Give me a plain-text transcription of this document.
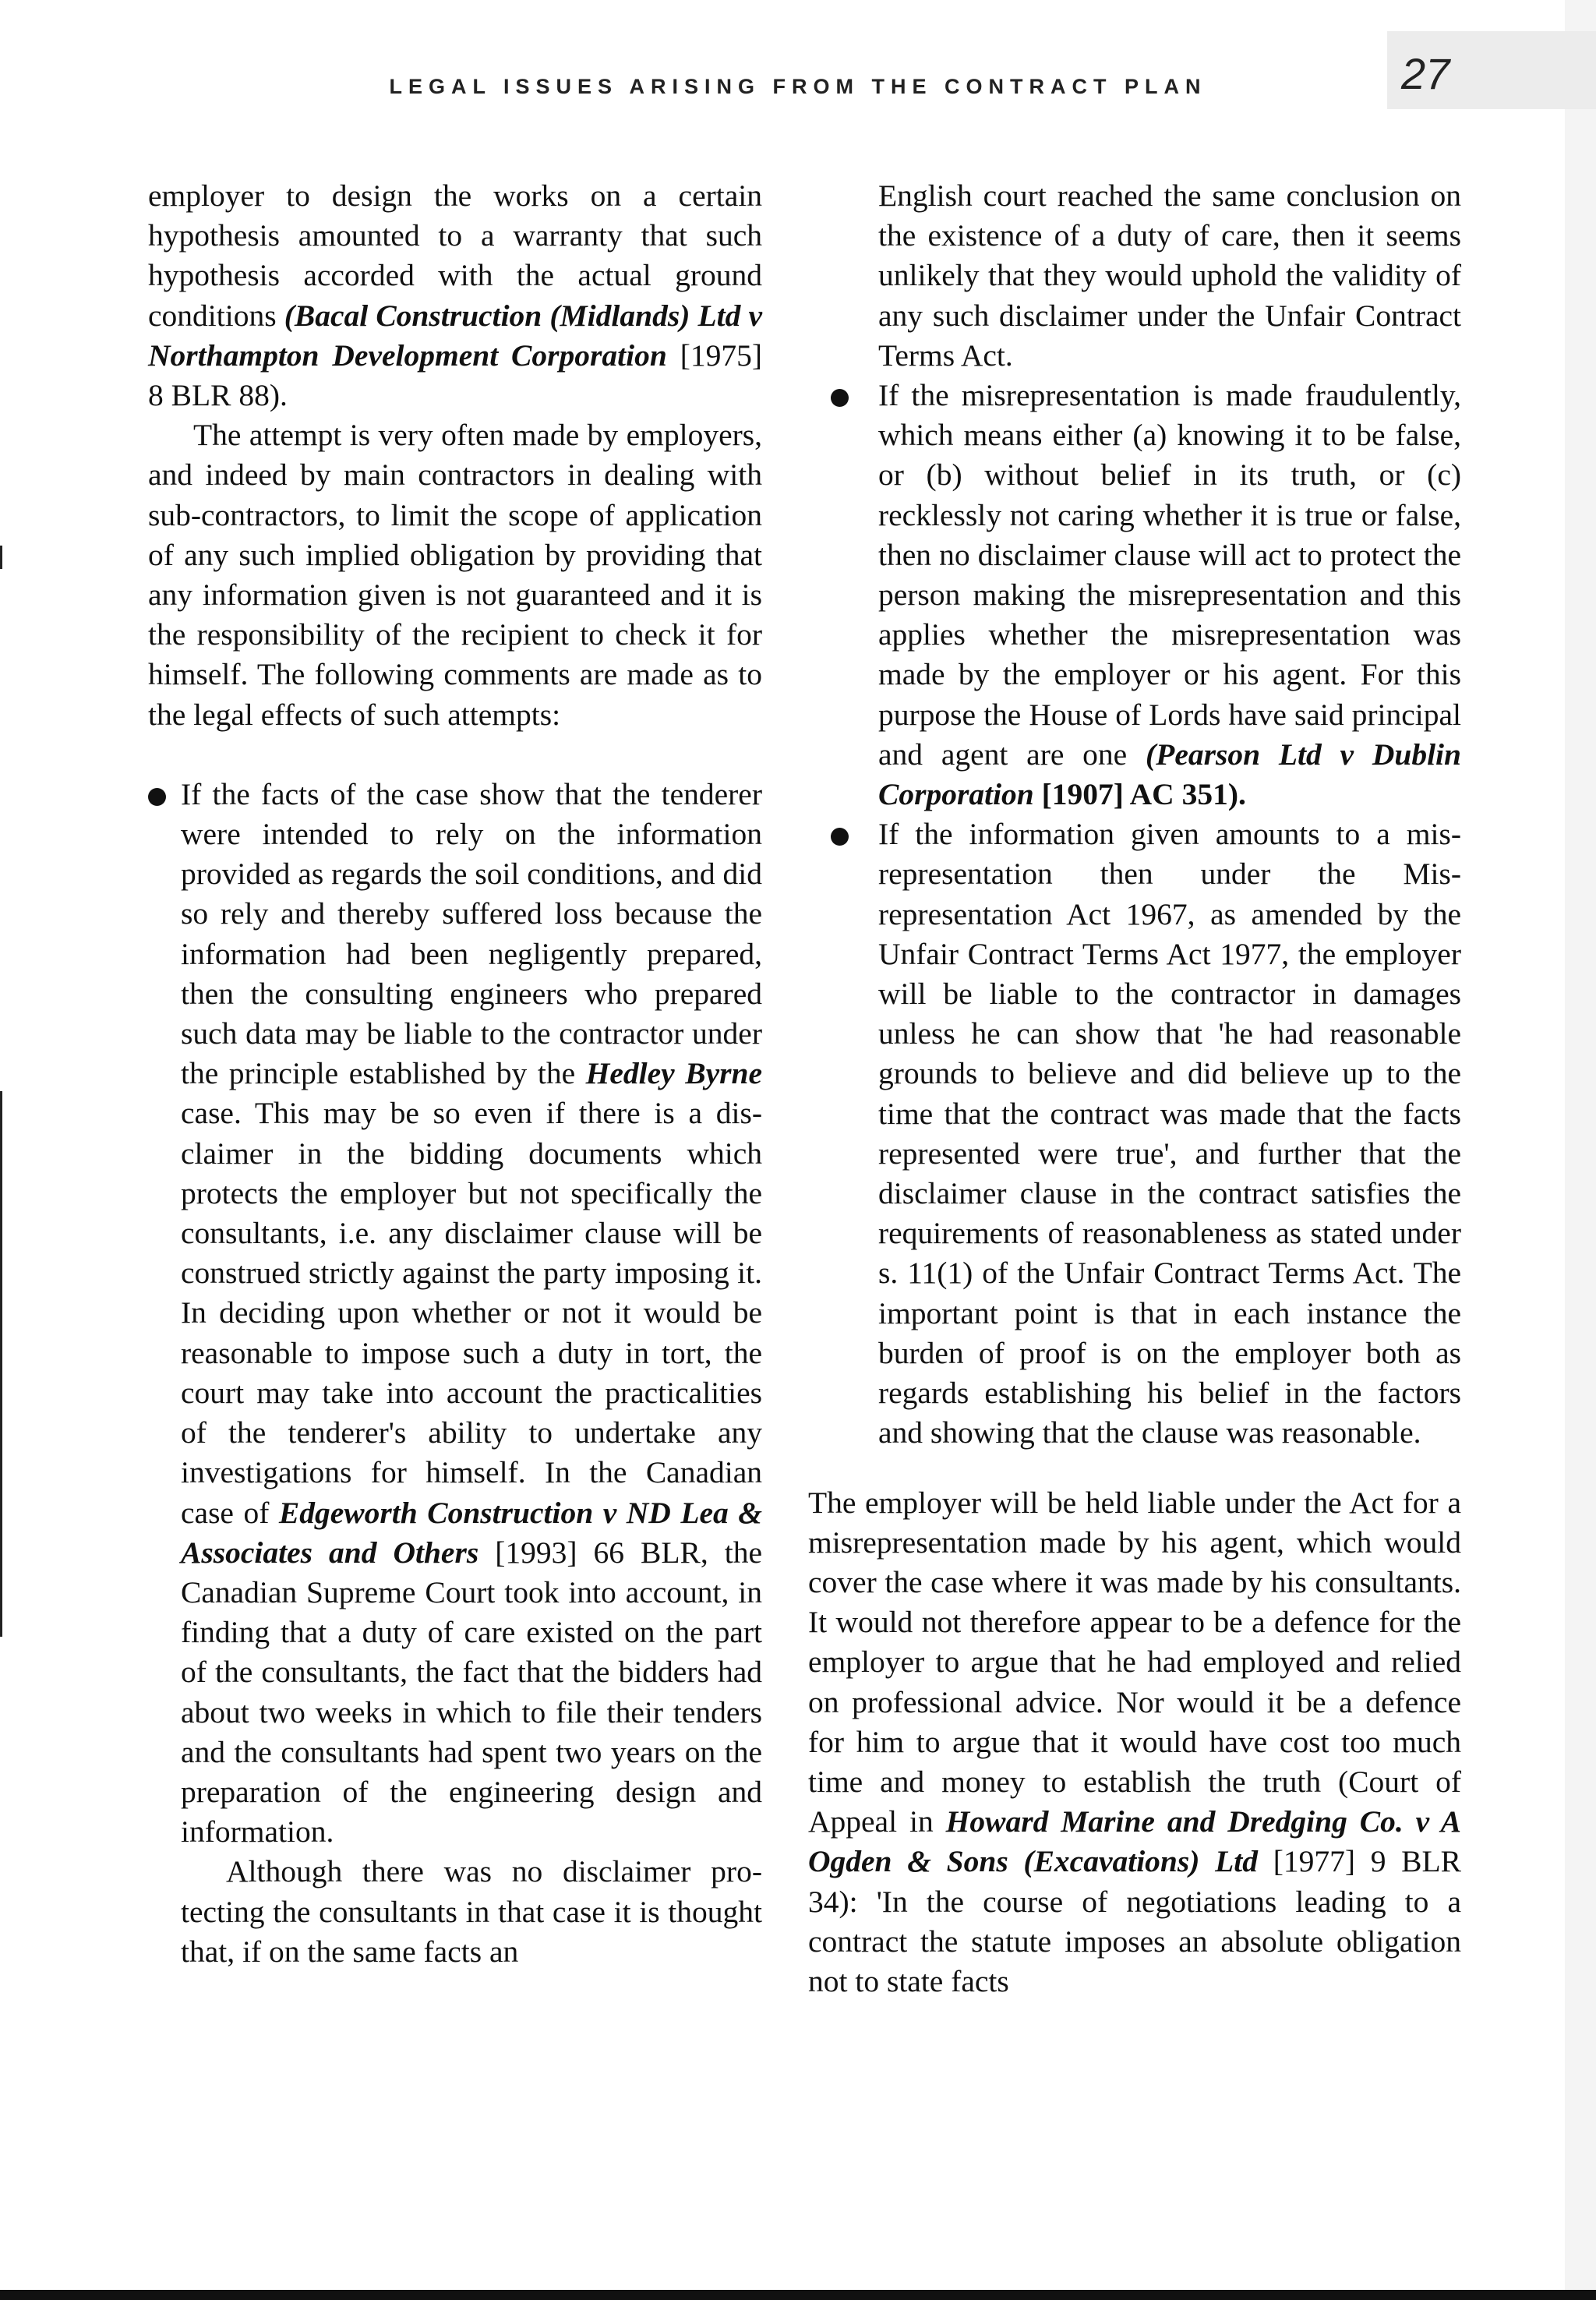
LEGAL ISSUES ARISING FROM THE CONTRACT PLAN	27

employer to design the works on a certain hypothesis amounted to a warranty that such hypothesis accorded with the actual ground conditions (Bacal Construction (Midlands) Ltd v Northampton Development Corporation [1975] 8 BLR 88).

The attempt is very often made by employers, and indeed by main contractors in dealing with sub-contractors, to limit the scope of application of any such implied obligation by providing that any information given is not guaranteed and it is the responsibility of the recipient to check it for himself. The following comments are made as to the legal effects of such attempts:

If the facts of the case show that the tenderer were intended to rely on the information provided as regards the soil conditions, and did so rely and thereby suffered loss because the information had been negligently prepared, then the consulting engineers who prepared such data may be liable to the contractor under the principle established by the Hedley Byrne case. This may be so even if there is a disclaimer in the bidding documents which protects the employer but not specifically the consultants, i.e. any disclaimer clause will be construed strictly against the party imposing it. In deciding upon whether or not it would be reasonable to impose such a duty in tort, the court may take into account the practicalities of the tenderer's ability to undertake any investigations for himself. In the Canadian case of Edgeworth Construction v ND Lea & Associates and Others [1993] 66 BLR, the Canadian Supreme Court took into account, in finding that a duty of care existed on the part of the consultants, the fact that the bidders had about two weeks in which to file their tenders and the consultants had spent two years on the preparation of the engineering design and information.

Although there was no disclaimer protecting the consultants in that case it is thought that, if on the same facts an

English court reached the same conclusion on the existence of a duty of care, then it seems unlikely that they would uphold the validity of any such disclaimer under the Unfair Contract Terms Act.

If the misrepresentation is made fraudulently, which means either (a) knowing it to be false, or (b) without belief in its truth, or (c) recklessly not caring whether it is true or false, then no disclaimer clause will act to protect the person making the misrepresentation and this applies whether the misrepresentation was made by the employer or his agent. For this purpose the House of Lords have said principal and agent are one (Pearson Ltd v Dublin Corporation [1907] AC 351).
If the information given amounts to a misrepresentation then under the Misrepresentation Act 1967, as amended by the Unfair Contract Terms Act 1977, the employer will be liable to the contractor in damages unless he can show that 'he had reasonable grounds to believe and did believe up to the time that the contract was made that the facts represented were true', and further that the disclaimer clause in the contract satisfies the requirements of reasonableness as stated under s. 11(1) of the Unfair Contract Terms Act. The important point is that in each instance the burden of proof is on the employer both as regards establishing his belief in the factors and showing that the clause was reasonable.

The employer will be held liable under the Act for a misrepresentation made by his agent, which would cover the case where it was made by his consultants. It would not therefore appear to be a defence for the employer to argue that he had employed and relied on professional advice. Nor would it be a defence for him to argue that it would have cost too much time and money to establish the truth (Court of Appeal in Howard Marine and Dredging Co. v A Ogden & Sons (Excavations) Ltd [1977] 9 BLR 34): 'In the course of negotiations leading to a contract the statute imposes an absolute obligation not to state facts
